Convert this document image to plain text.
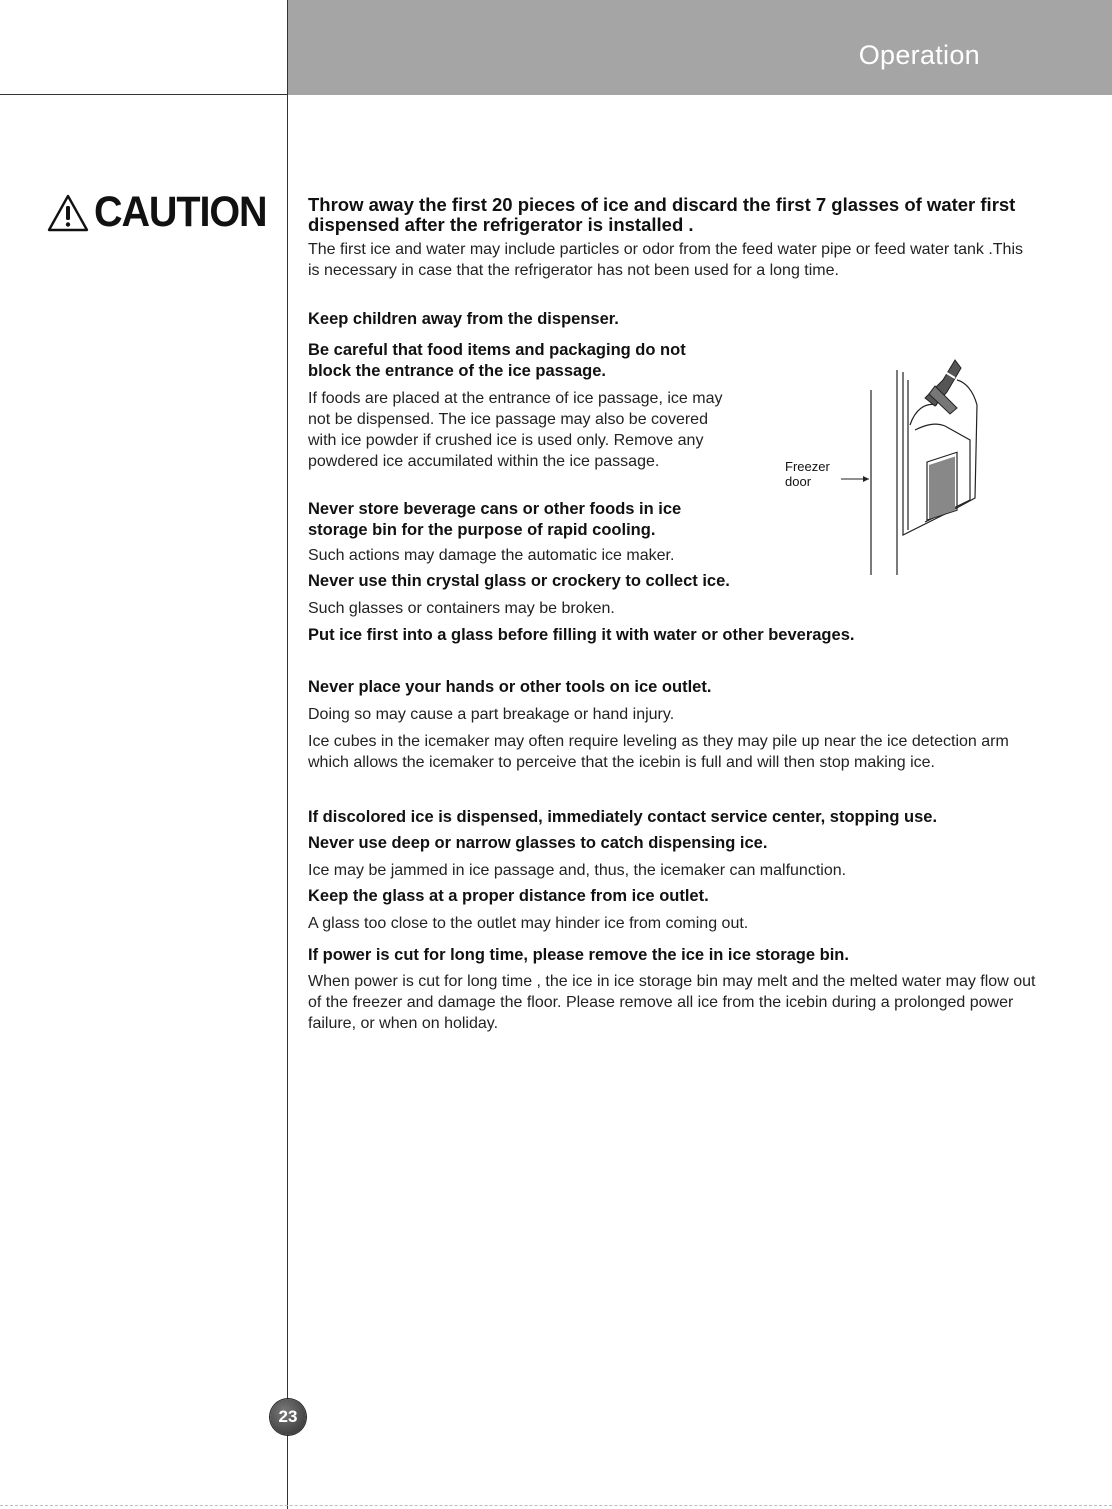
Operation
CAUTION Throw away the first 20 pieces of ice and discard the first 7 glasses of water first dispensed after the refrigerator is installed .
The first ice and water may include particles or odor from the feed water pipe or feed water tank .This is necessary in case that the refrigerator has not been used for a long time.
Keep children away from the dispenser.
Be careful that food items and packaging do not block the entrance of the ice passage.
If foods are placed at the entrance of ice passage, ice may not be dispensed. The ice passage may also be covered with ice powder if crushed ice is used only. Remove any powdered ice accumilated within the ice passage.
Never store beverage cans or other foods in ice storage bin for the purpose of rapid cooling.
Such actions may damage the automatic ice maker.
Never use thin crystal glass or crockery to collect ice.
Such glasses or containers may be broken.
Put ice first into a glass before filling it with water or other beverages.
Never place your hands or other tools on ice outlet.
Doing so may cause a part breakage or hand injury.
Ice cubes in the icemaker may often require leveling as they may pile up near the ice detection arm which allows the icemaker to perceive that the icebin is full and will then stop making ice.
If discolored ice is dispensed, immediately contact service center, stopping use.
Never use deep or narrow glasses to catch dispensing ice.
Ice may be jammed in ice passage and, thus, the icemaker can malfunction.
Keep the glass at a proper distance from ice outlet.
A glass too close to the outlet may hinder ice from coming out.
If power is cut for long time, please remove the ice in ice storage bin.
When power is cut for long time , the ice in ice storage bin may melt and the melted water may flow out of the freezer and damage the floor. Please remove all ice from the icebin during a prolonged power failure, or when on holiday.
Freezer
door
23
